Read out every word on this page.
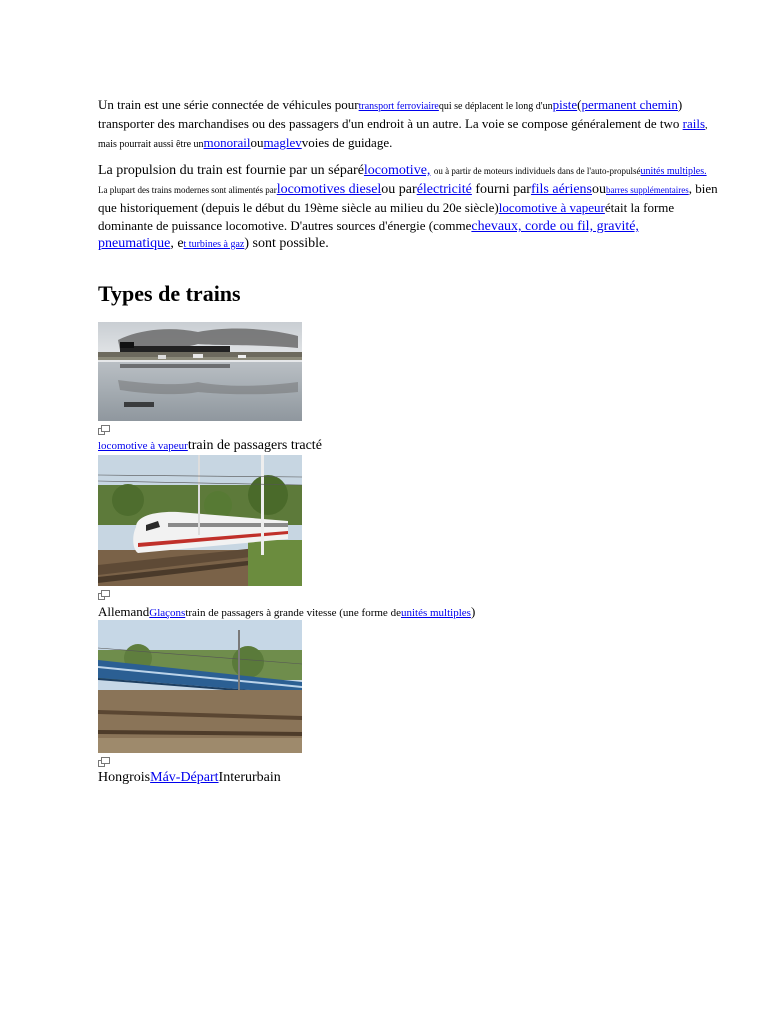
Un train est une série connectée de véhicules pourtransport ferroviairequi se déplacent le long d'unpiste(permanent chemin) transporter des marchandises ou des passagers d'un endroit à un autre. La voie se compose généralement de two rails, mais pourrait aussi être unmonorailoumaglevvoies de guidage.
La propulsion du train est fournie par un séparélocomotive, ou à partir de moteurs individuels dans de l'auto-propulséunités multiples. La plupart des trains modernes sont alimentés parlocomotives dieselou parélectricité fourni parfils aériensoubarres supplémentaires, bien que historiquement (depuis le début du 19ème siècle au milieu du 20e siècle)locomotive à vapeurétait la forme dominante de puissance locomotive. D'autres sources d'énergie (commechevaux, corde ou fil, gravité, pneumatique, et turbines à gaz) sont possible.
Types de trains
locomotive à vapeurtrain de passagers tracté
AllemandGlaçonstrain de passagers à grande vitesse (une forme deunités multiples)
HongroisMáv-DépartInterurbain
